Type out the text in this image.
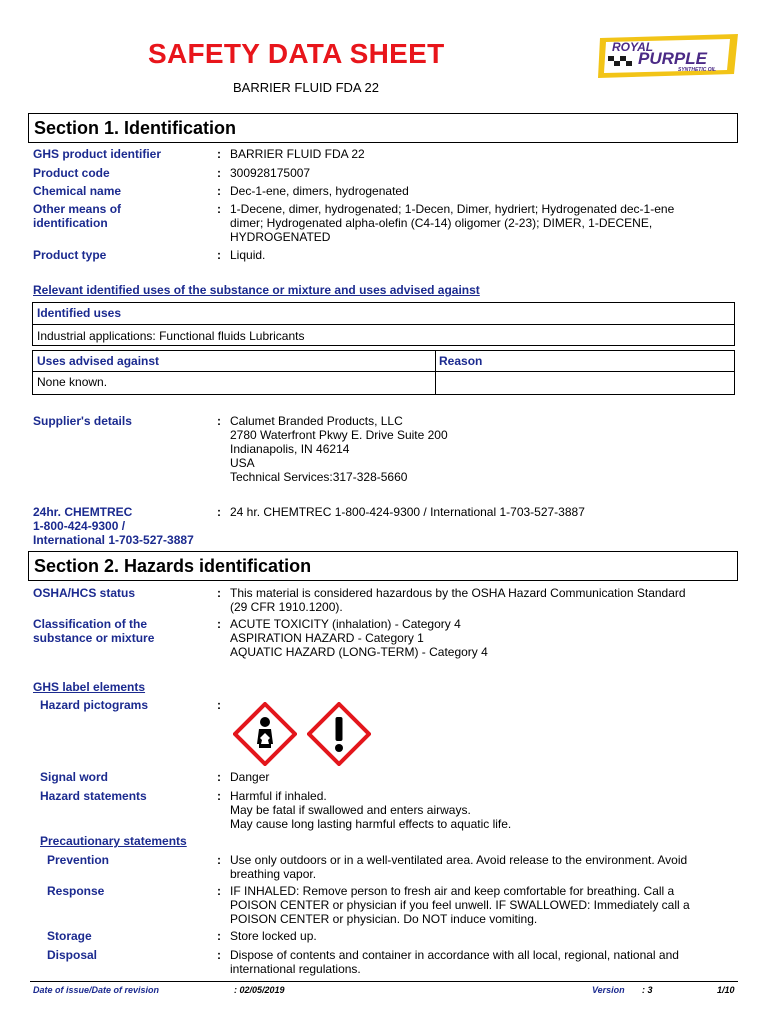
SAFETY DATA SHEET
BARRIER FLUID FDA 22
ROYAL
PURPLE
SYNTHETIC OIL
Section 1. Identification
GHS product identifier	: BARRIER FLUID FDA 22
Product code	: 300928175007
Chemical name	: Dec-1-ene, dimers, hydrogenated
Other means of
identification
: 1-Decene, dimer, hydrogenated; 1-Decen, Dimer, hydriert; Hydrogenated dec-1-ene
dimer; Hydrogenated alpha-olefin (C4-14) oligomer (2-23); DIMER, 1-DECENE,
HYDROGENATED
Product type	: Liquid.
Relevant identified uses of the substance or mixture and uses advised against
Identified uses
Industrial applications: Functional fluids Lubricants
Uses advised against	Reason
None known.
Supplier's details	: Calumet Branded Products, LLC
2780 Waterfront Pkwy E. Drive Suite 200
Indianapolis, IN 46214
USA
Technical Services:317-328-5660
24hr. CHEMTREC
1-800-424-9300 /
International 1-703-527-3887
: 24 hr. CHEMTREC 1-800-424-9300 / International 1-703-527-3887
Section 2. Hazards identification
OSHA/HCS status	: This material is considered hazardous by the OSHA Hazard Communication Standard
(29 CFR 1910.1200).
Classification of the
substance or mixture
: ACUTE TOXICITY (inhalation) - Category 4
ASPIRATION HAZARD - Category 1
AQUATIC HAZARD (LONG-TERM) - Category 4
GHS label elements
Hazard pictograms	:
Signal word	: Danger
Hazard statements	: Harmful if inhaled.
May be fatal if swallowed and enters airways.
May cause long lasting harmful effects to aquatic life.
Precautionary statements
Prevention	: Use only outdoors or in a well-ventilated area. Avoid release to the environment. Avoid
breathing vapor.
Response	: IF INHALED: Remove person to fresh air and keep comfortable for breathing. Call a
POISON CENTER or physician if you feel unwell. IF SWALLOWED: Immediately call a
POISON CENTER or physician. Do NOT induce vomiting.
Storage	: Store locked up.
Disposal	: Dispose of contents and container in accordance with all local, regional, national and
international regulations.
Date of issue/Date of revision	: 02/05/2019	Version : 3	1/10
